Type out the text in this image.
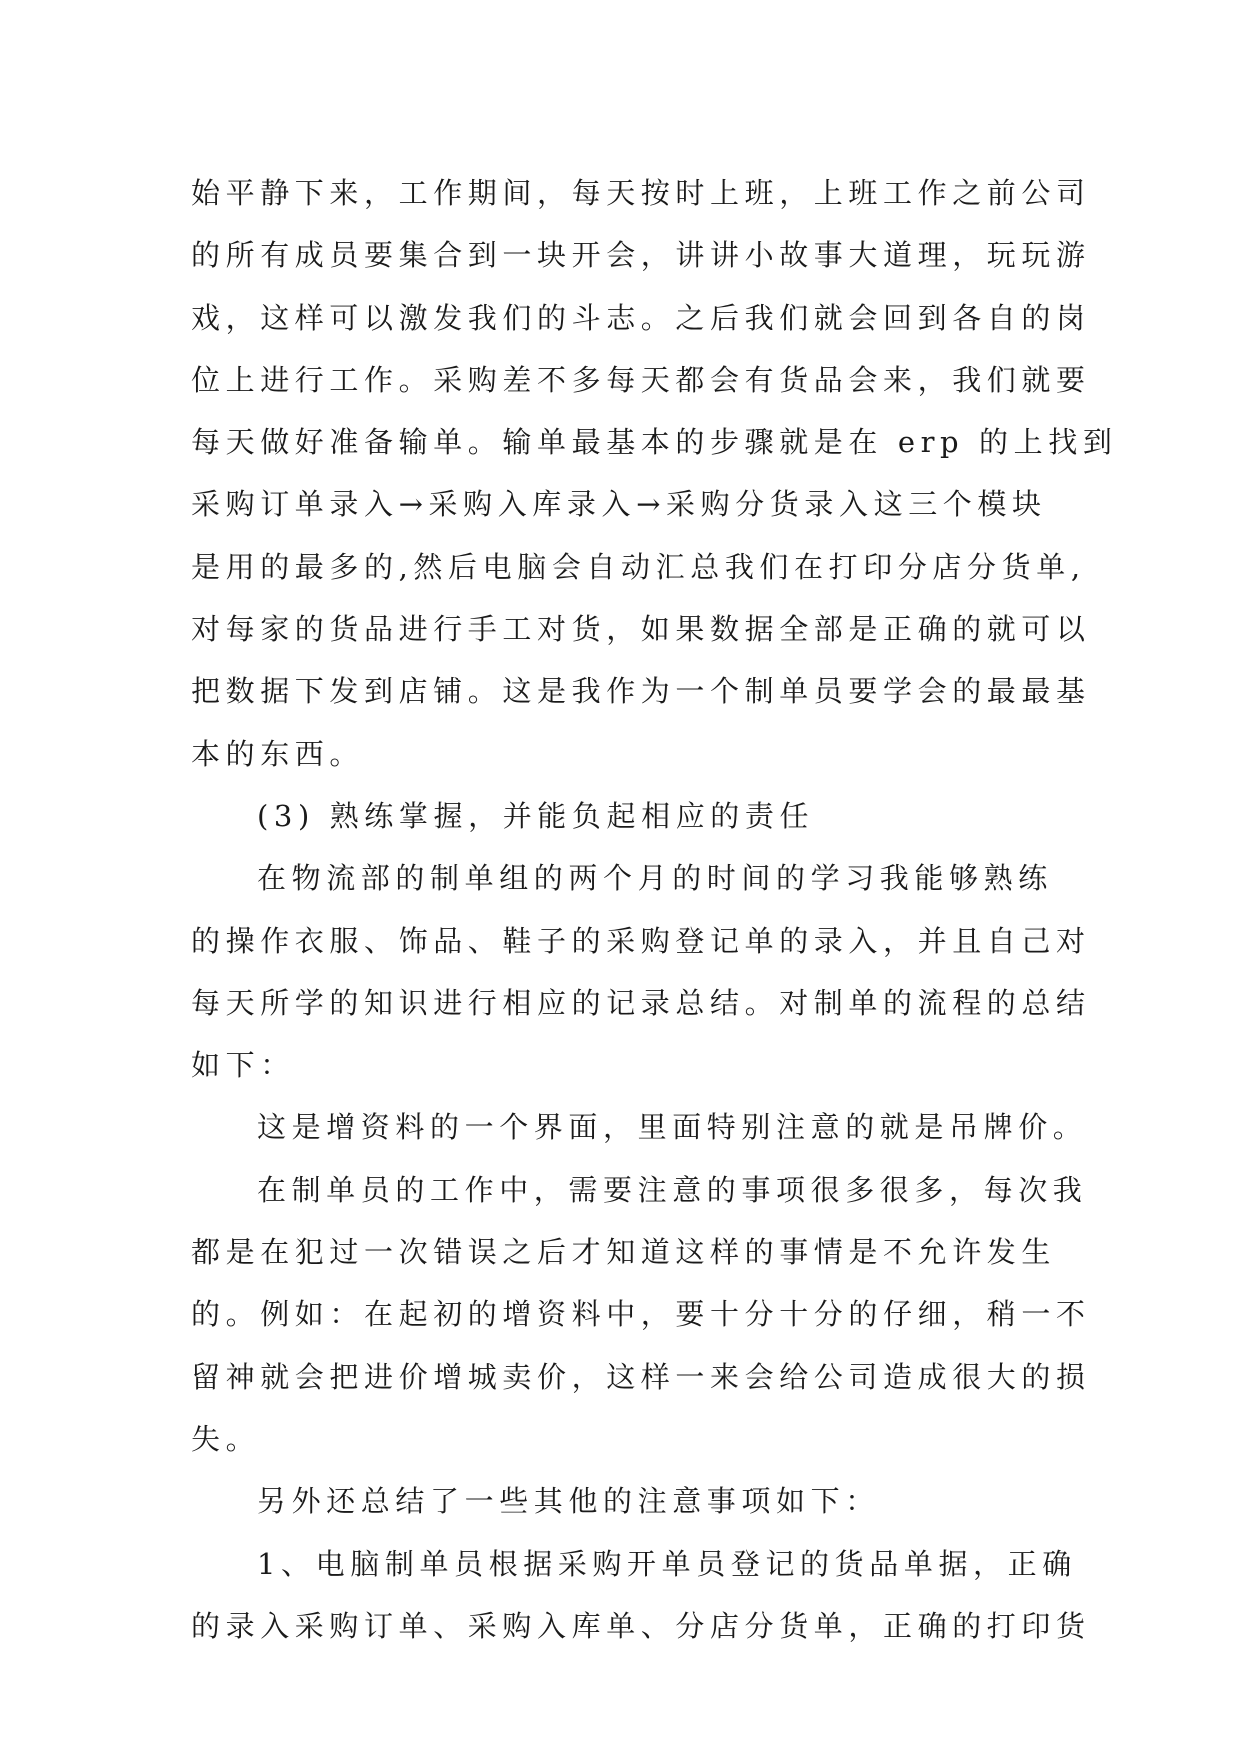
始平静下来，工作期间，每天按时上班，上班工作之前公司
的所有成员要集合到一块开会，讲讲小故事大道理，玩玩游
戏，这样可以激发我们的斗志。之后我们就会回到各自的岗
位上进行工作。采购差不多每天都会有货品会来，我们就要
每天做好准备输单。输单最基本的步骤就是在 erp 的上找到
采购订单录入→采购入库录入→采购分货录入这三个模块
是用的最多的,然后电脑会自动汇总我们在打印分店分货单,
对每家的货品进行手工对货，如果数据全部是正确的就可以
把数据下发到店铺。这是我作为一个制单员要学会的最最基
本的东西。
(3) 熟练掌握，并能负起相应的责任
在物流部的制单组的两个月的时间的学习我能够熟练
的操作衣服、饰品、鞋子的采购登记单的录入，并且自己对
每天所学的知识进行相应的记录总结。对制单的流程的总结
如下：
这是增资料的一个界面，里面特别注意的就是吊牌价。
在制单员的工作中，需要注意的事项很多很多，每次我
都是在犯过一次错误之后才知道这样的事情是不允许发生
的。例如：在起初的增资料中，要十分十分的仔细，稍一不
留神就会把进价增城卖价，这样一来会给公司造成很大的损
失。
另外还总结了一些其他的注意事项如下：
1、电脑制单员根据采购开单员登记的货品单据，正确
的录入采购订单、采购入库单、分店分货单，正确的打印货
